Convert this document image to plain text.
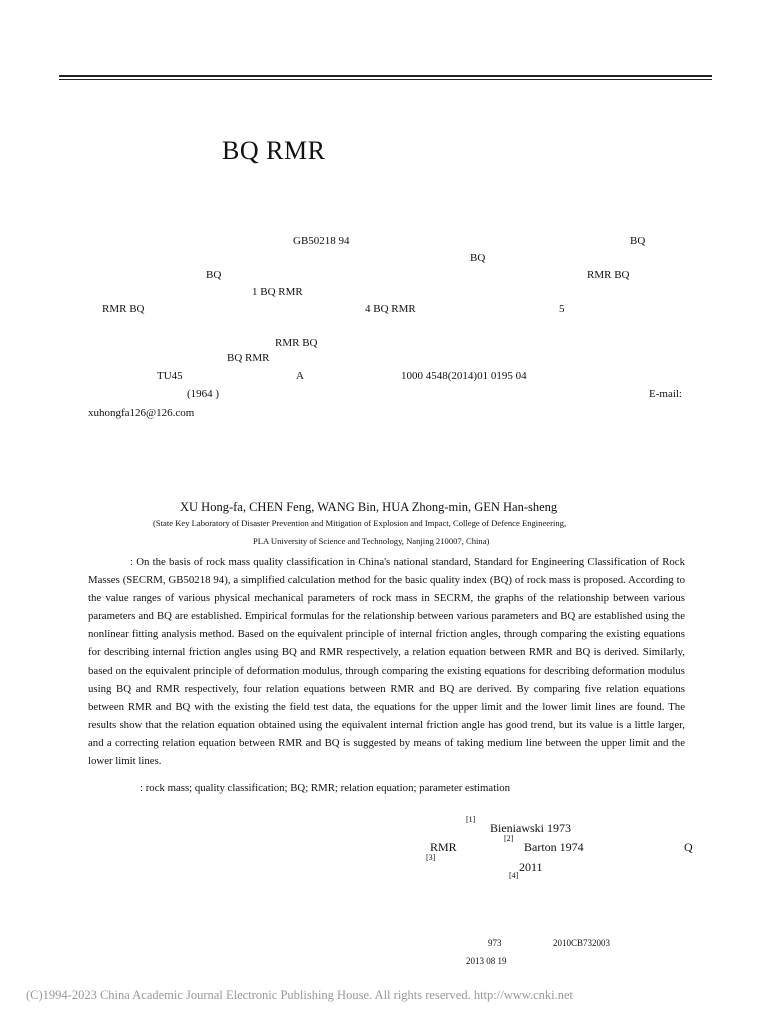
BQ RMR
GB50218 94	BQ
BQ
BQ	RMR BQ
1 BQ RMR
RMR BQ	4 BQ RMR	5
RMR BQ
BQ RMR
TU45	A	1000 4548(2014)01 0195 04
(1964 )	E-mail:
xuhongfa126@126.com
XU Hong-fa, CHEN Feng, WANG Bin, HUA Zhong-min, GEN Han-sheng
(State Key Laboratory of Disaster Prevention and Mitigation of Explosion and Impact, College of Defence Engineering,
PLA University of Science and Technology, Nanjing 210007, China)
: On the basis of rock mass quality classification in China's national standard, Standard for Engineering Classification of Rock Masses (SECRM, GB50218 94), a simplified calculation method for the basic quality index (BQ) of rock mass is proposed. According to the value ranges of various physical mechanical parameters of rock mass in SECRM, the graphs of the relationship between various parameters and BQ are established. Empirical formulas for the relationship between various parameters and BQ are established using the nonlinear fitting analysis method. Based on the equivalent principle of internal friction angles, through comparing the existing equations for describing internal friction angles using BQ and RMR respectively, a relation equation between RMR and BQ is derived. Similarly, based on the equivalent principle of deformation modulus, through comparing the existing equations for describing deformation modulus using BQ and RMR respectively, four relation equations between RMR and BQ are derived. By comparing five relation equations between RMR and BQ with the existing the field test data, the equations for the upper limit and the lower limit lines are found. The results show that the relation equation obtained using the equivalent internal friction angle has good trend, but its value is a little larger, and a correcting relation equation between RMR and BQ is suggested by means of taking medium line between the upper limit and the lower limit lines.
: rock mass; quality classification; BQ; RMR; relation equation; parameter estimation
[1]
Bieniawski 1973
RMR
[2]
Barton 1974	Q
[3]
2011
[4]
973	2010CB732003
2013 08 19
(C)1994-2023 China Academic Journal Electronic Publishing House. All rights reserved. http://www.cnki.net
